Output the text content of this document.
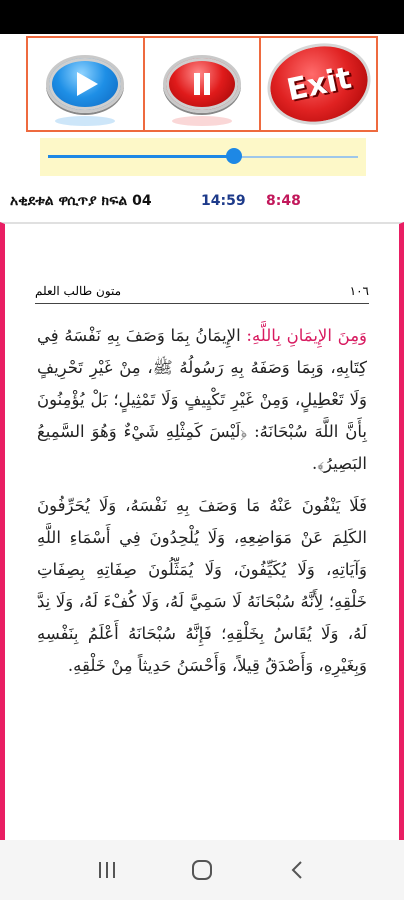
Exit
አቂደቱል ዋሲጥያ ክፍል 04	14:59 8:48
متون طالب العلم	١٠٦

وَمِنَ الإِيمَانِ بِاللَّهِ: الإِيمَانُ بِمَا وَصَفَ بِهِ نَفْسَهُ فِي كِتَابِهِ، وَبِمَا وَصَفَهُ بِهِ رَسُولُهُ ﷺ، مِنْ غَيْرِ تَحْرِيفٍ وَلَا تَعْطِيلٍ، وَمِنْ غَيْرِ تَكْيِيفٍ وَلَا تَمْثِيلٍ؛ بَلْ يُؤْمِنُونَ بِأَنَّ اللَّهَ سُبْحَانَهُ: ﴿لَيْسَ كَمِثْلِهِ شَيْءٌ وَهُوَ السَّمِيعُ البَصِيرُ﴾.

فَلَا يَنْفُونَ عَنْهُ مَا وَصَفَ بِهِ نَفْسَهُ، وَلَا يُحَرِّفُونَ الكَلِمَ عَنْ مَوَاضِعِهِ، وَلَا يُلْحِدُونَ فِي أَسْمَاءِ اللَّهِ وَآيَاتِهِ، وَلَا يُكَيِّفُونَ، وَلَا يُمَثِّلُونَ صِفَاتِهِ بِصِفَاتِ خَلْقِهِ؛ لِأَنَّهُ سُبْحَانَهُ لَا سَمِيَّ لَهُ، وَلَا كُفْءَ لَهُ، وَلَا نِدَّ لَهُ، وَلَا يُقَاسُ بِخَلْقِهِ؛ فَإِنَّهُ سُبْحَانَهُ أَعْلَمُ بِنَفْسِهِ وَبِغَيْرِهِ، وَأَصْدَقُ قِيلاً، وَأَحْسَنُ حَدِيثاً مِنْ خَلْقِهِ.
